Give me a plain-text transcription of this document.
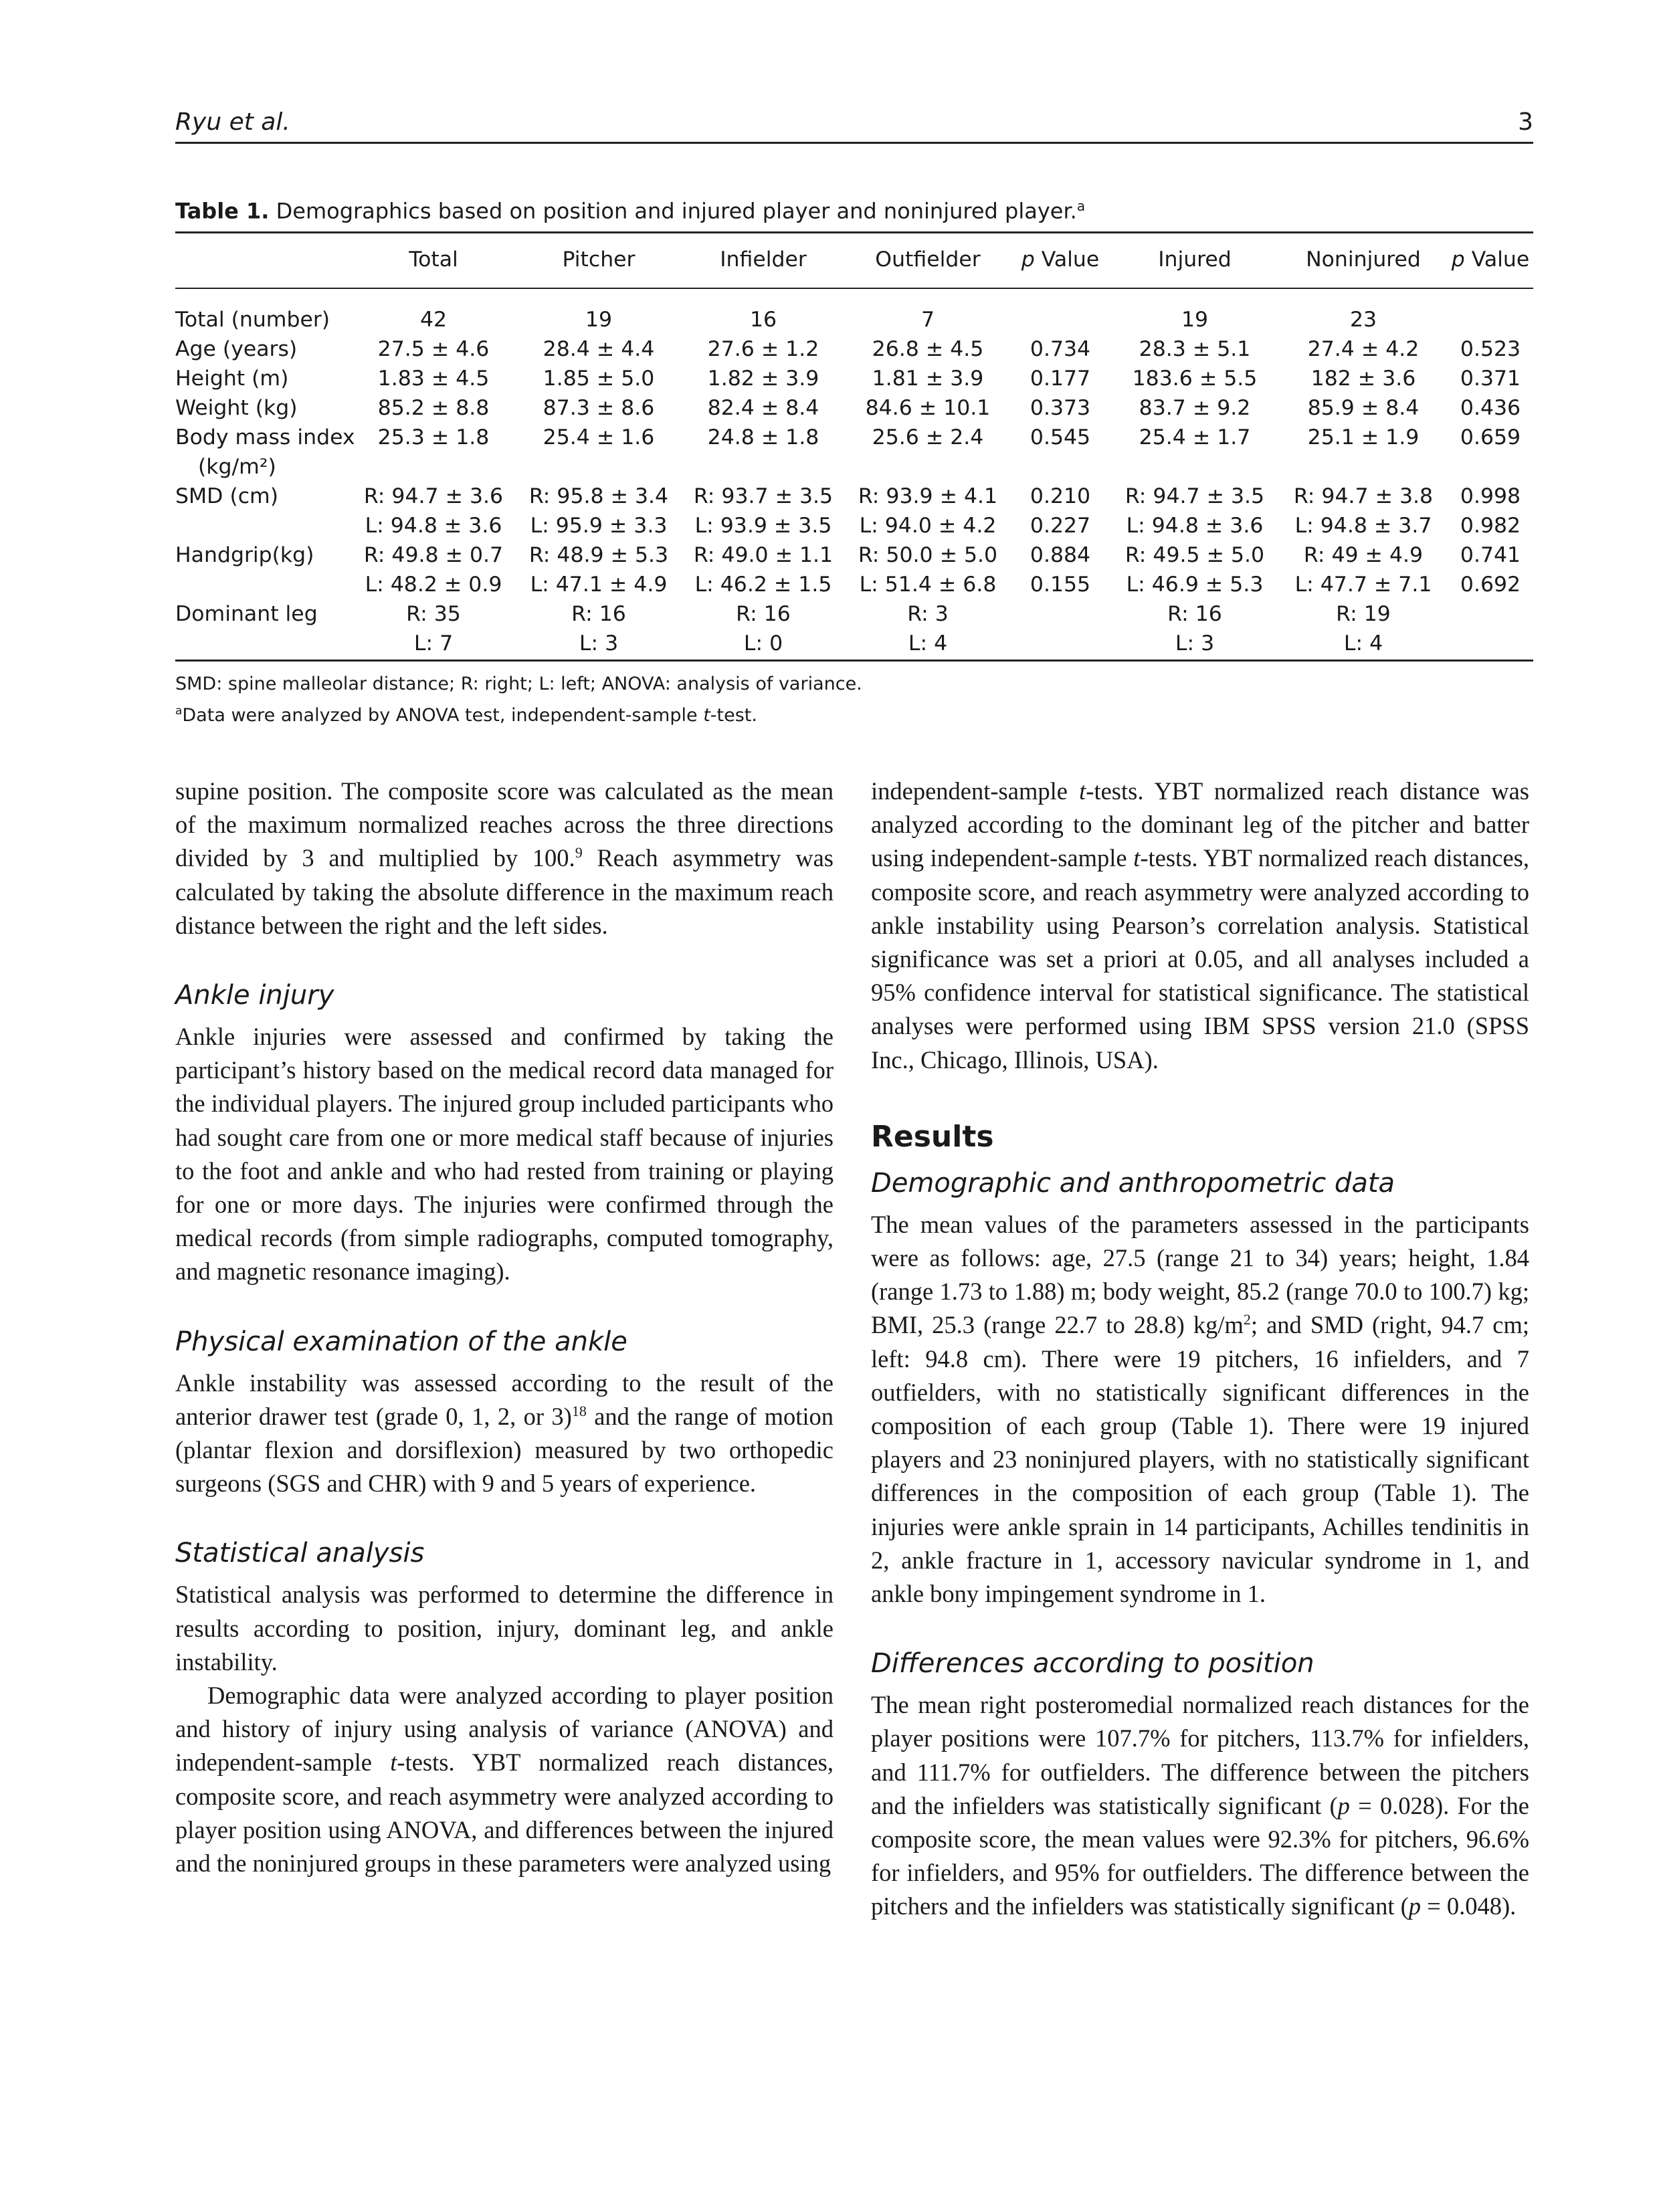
Ryu et al.	3
Table 1. Demographics based on position and injured player and noninjured player.$^a$
	Total	Pitcher	Infielder	Outfielder	p Value	Injured	Noninjured	p Value

Total (number)	42	19	16	7		19	23	
Age (years)	27.5 ± 4.6	28.4 ± 4.4	27.6 ± 1.2	26.8 ± 4.5	0.734	28.3 ± 5.1	27.4 ± 4.2	0.523
Height (m)	1.83 ± 4.5	1.85 ± 5.0	1.82 ± 3.9	1.81 ± 3.9	0.177	183.6 ± 5.5	182 ± 3.6	0.371
Weight (kg)	85.2 ± 8.8	87.3 ± 8.6	82.4 ± 8.4	84.6 ± 10.1	0.373	83.7 ± 9.2	85.9 ± 8.4	0.436
Body mass index	25.3 ± 1.8	25.4 ± 1.6	24.8 ± 1.8	25.6 ± 2.4	0.545	25.4 ± 1.7	25.1 ± 1.9	0.659
(kg/m²)								
SMD (cm)	R: 94.7 ± 3.6	R: 95.8 ± 3.4	R: 93.7 ± 3.5	R: 93.9 ± 4.1	0.210	R: 94.7 ± 3.5	R: 94.7 ± 3.8	0.998
	L: 94.8 ± 3.6	L: 95.9 ± 3.3	L: 93.9 ± 3.5	L: 94.0 ± 4.2	0.227	L: 94.8 ± 3.6	L: 94.8 ± 3.7	0.982
Handgrip(kg)	R: 49.8 ± 0.7	R: 48.9 ± 5.3	R: 49.0 ± 1.1	R: 50.0 ± 5.0	0.884	R: 49.5 ± 5.0	R: 49 ± 4.9	0.741
	L: 48.2 ± 0.9	L: 47.1 ± 4.9	L: 46.2 ± 1.5	L: 51.4 ± 6.8	0.155	L: 46.9 ± 5.3	L: 47.7 ± 7.1	0.692
Dominant leg	R: 35	R: 16	R: 16	R: 3		R: 16	R: 19	
	L: 7	L: 3	L: 0	L: 4		L: 3	L: 4	
SMD: spine malleolar distance; R: right; L: left; ANOVA: analysis of variance.
$^a$Data were analyzed by ANOVA test, independent-sample t-test.

supine position. The composite score was calculated as the mean of the maximum normalized reaches across the three directions divided by 3 and multiplied by 100.$^9$ Reach asymmetry was calculated by taking the absolute difference in the maximum reach distance between the right and the left sides.

Ankle injury

Ankle injuries were assessed and confirmed by taking the participant’s history based on the medical record data managed for the individual players. The injured group included participants who had sought care from one or more medical staff because of injuries to the foot and ankle and who had rested from training or playing for one or more days. The injuries were confirmed through the medical records (from simple radiographs, computed tomography, and magnetic resonance imaging).

Physical examination of the ankle

Ankle instability was assessed according to the result of the anterior drawer test (grade 0, 1, 2, or 3)$^{18}$ and the range of motion (plantar flexion and dorsiflexion) measured by two orthopedic surgeons (SGS and CHR) with 9 and 5 years of experience.

Statistical analysis

Statistical analysis was performed to determine the difference in results according to position, injury, dominant leg, and ankle instability.

Demographic data were analyzed according to player position and history of injury using analysis of variance (ANOVA) and independent-sample t-tests. YBT normalized reach distances, composite score, and reach asymmetry were analyzed according to player position using ANOVA, and differences between the injured and the noninjured groups in these parameters were analyzed using

independent-sample t-tests. YBT normalized reach distance was analyzed according to the dominant leg of the pitcher and batter using independent-sample t-tests. YBT normalized reach distances, composite score, and reach asymmetry were analyzed according to ankle instability using Pearson’s correlation analysis. Statistical significance was set a priori at 0.05, and all analyses included a 95% confidence interval for statistical significance. The statistical analyses were performed using IBM SPSS version 21.0 (SPSS Inc., Chicago, Illinois, USA).

Results
Demographic and anthropometric data

The mean values of the parameters assessed in the participants were as follows: age, 27.5 (range 21 to 34) years; height, 1.84 (range 1.73 to 1.88) m; body weight, 85.2 (range 70.0 to 100.7) kg; BMI, 25.3 (range 22.7 to 28.8) $kg/m^2$; and SMD (right, 94.7 cm; left: 94.8 cm). There were 19 pitchers, 16 infielders, and 7 outfielders, with no statistically significant differences in the composition of each group (Table 1). There were 19 injured players and 23 noninjured players, with no statistically significant differences in the composition of each group (Table 1). The injuries were ankle sprain in 14 participants, Achilles tendinitis in 2, ankle fracture in 1, accessory navicular syndrome in 1, and ankle bony impingement syndrome in 1.

Differences according to position

The mean right posteromedial normalized reach distances for the player positions were 107.7% for pitchers, 113.7% for infielders, and 111.7% for outfielders. The difference between the pitchers and the infielders was statistically significant (p = 0.028). For the composite score, the mean values were 92.3% for pitchers, 96.6% for infielders, and 95% for outfielders. The difference between the pitchers and the infielders was statistically significant (p = 0.048).
